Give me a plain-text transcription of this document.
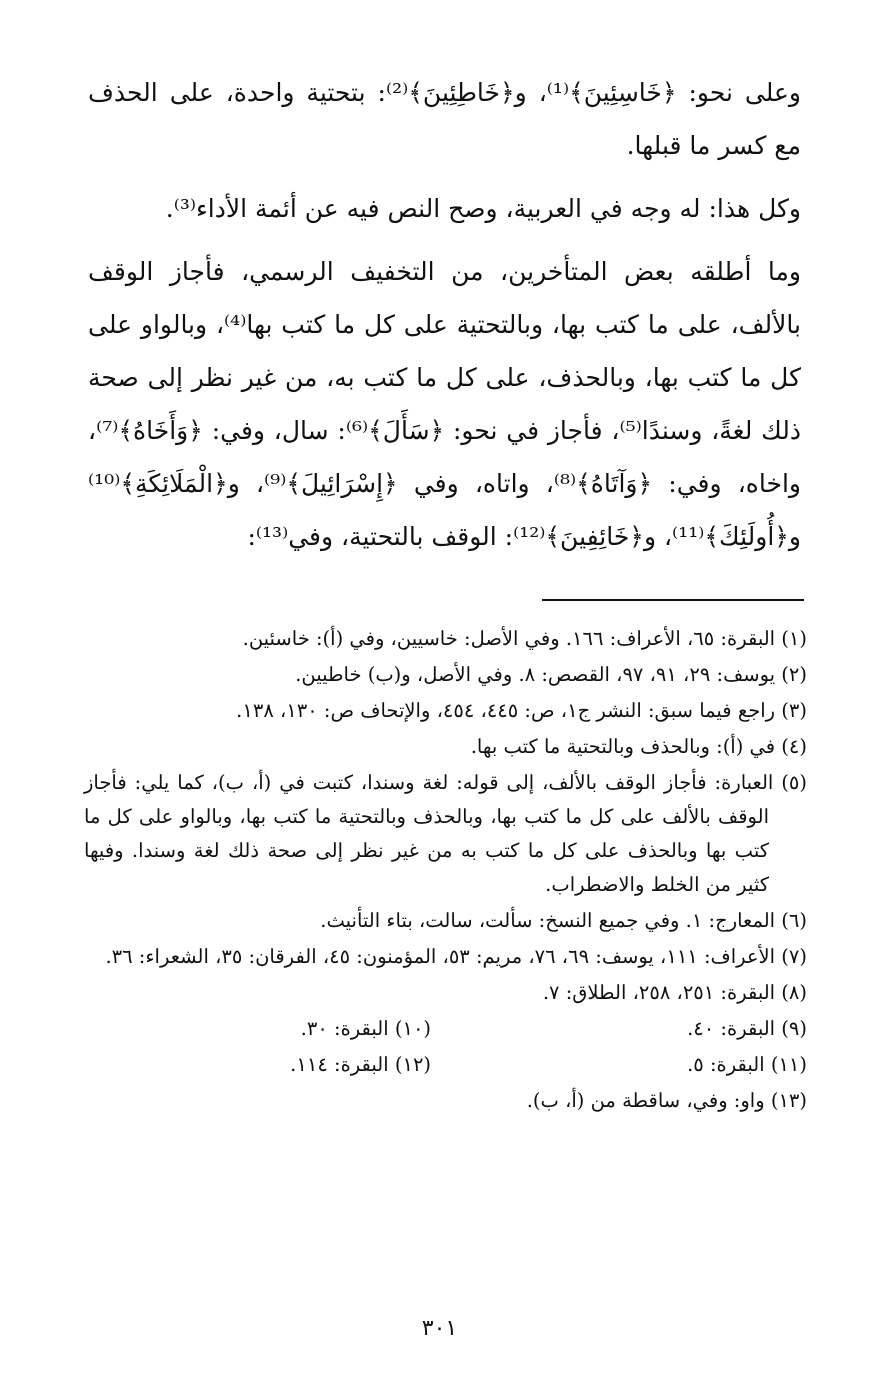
وعلى نحو: ﴿خَاسِئِينَ﴾⁽¹⁾، و﴿خَاطِئِينَ﴾⁽²⁾: بتحتية واحدة، على الحذف مع كسر ما قبلها.

وكل هذا: له وجه في العربية، وصح النص فيه عن أئمة الأداء⁽³⁾.

وما أطلقه بعض المتأخرين، من التخفيف الرسمي، فأجاز الوقف بالألف، على ما كتب بها، وبالتحتية على كل ما كتب بها⁽⁴⁾، وبالواو على كل ما كتب بها، وبالحذف، على كل ما كتب به، من غير نظر إلى صحة ذلك لغةً، وسندًا⁽⁵⁾، فأجاز في نحو: ﴿سَأَلَ﴾⁽⁶⁾: سال، وفي: ﴿وَأَخَاهُ﴾⁽⁷⁾، واخاه، وفي: ﴿وَآتَاهُ﴾⁽⁸⁾، واتاه، وفي ﴿إِسْرَائِيلَ﴾⁽⁹⁾، و﴿الْمَلَائِكَةِ﴾⁽¹⁰⁾ و﴿أُولَئِكَ﴾⁽¹¹⁾، و﴿خَائِفِينَ﴾⁽¹²⁾: الوقف بالتحتية، وفي⁽¹³⁾:

(١) البقرة: ٦٥، الأعراف: ١٦٦. وفي الأصل: خاسيين، وفي (أ): خاسئين.

(٢) يوسف: ٢٩، ٩١، ٩٧، القصص: ٨. وفي الأصل، و(ب) خاطيين.

(٣) راجع فيما سبق: النشر ج١، ص: ٤٤٥، ٤٥٤، والإتحاف ص: ١٣٠، ١٣٨.

(٤) في (أ): وبالحذف وبالتحتية ما كتب بها.

(٥) العبارة: فأجاز الوقف بالألف، إلى قوله: لغة وسندا، كتبت في (أ، ب)، كما يلي: فأجاز الوقف بالألف على كل ما كتب بها، وبالحذف وبالتحتية ما كتب بها، وبالواو على كل ما كتب بها وبالحذف على كل ما كتب به من غير نظر إلى صحة ذلك لغة وسندا. وفيها كثير من الخلط والاضطراب.

(٦) المعارج: ١. وفي جميع النسخ: سألت، سالت، بتاء التأنيث.

(٧) الأعراف: ١١١، يوسف: ٦٩، ٧٦، مريم: ٥٣، المؤمنون: ٤٥، الفرقان: ٣٥، الشعراء: ٣٦.

(٨) البقرة: ٢٥١، ٢٥٨، الطلاق: ٧.

(٩) البقرة: ٤٠.
(١٠) البقرة: ٣٠.
(١١) البقرة: ٥.
(١٢) البقرة: ١١٤.

(١٣) واو: وفي، ساقطة من (أ، ب).

٣٠١
